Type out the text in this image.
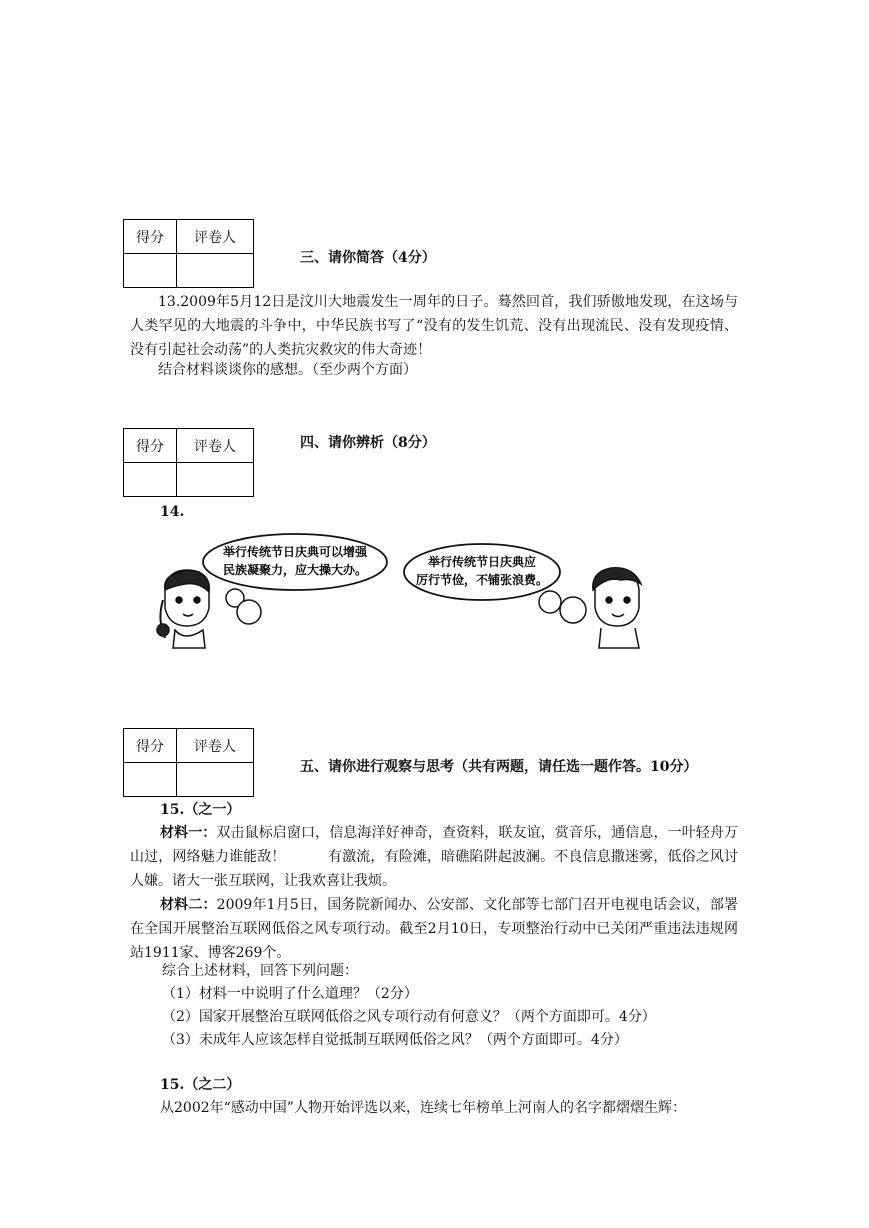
得分	评卷人

三、请你简答（4分）
13.2009年5月12日是汶川大地震发生一周年的日子。蓦然回首，我们骄傲地发现，在这场与人类罕见的大地震的斗争中，中华民族书写了“没有的发生饥荒、没有出现流民、没有发现疫情、没有引起社会动荡”的人类抗灾救灾的伟大奇迹！
结合材料谈谈你的感想。（至少两个方面）
得分	评卷人
		四、请你辨析（8分）
14.
举行传统节日庆典可以增强
民族凝聚力，应大操大办。
举行传统节日庆典应
厉行节俭，不铺张浪费。
得分	评卷人

五、请你进行观察与思考（共有两题，请任选一题作答。10分）
15.（之一）
材料一：双击鼠标启窗口，信息海洋好神奇，查资料，联友谊，赏音乐，通信息，一叶轻舟万山过，网络魅力谁能敌！　　　有激流，有险滩，暗礁陷阱起波澜。不良信息撒迷雾，低俗之风讨人嫌。诸大一张互联网，让我欢喜让我烦。
材料二：2009年1月5日，国务院新闻办、公安部、文化部等七部门召开电视电话会议，部署在全国开展整治互联网低俗之风专项行动。截至2月10日，专项整治行动中已关闭严重违法违规网站1911家、博客269个。
综合上述材料，回答下列问题：
（1）材料一中说明了什么道理？（2分）
（2）国家开展整治互联网低俗之风专项行动有何意义？（两个方面即可。4分）
（3）未成年人应该怎样自觉抵制互联网低俗之风？（两个方面即可。4分）
15.（之二）
从2002年“感动中国”人物开始评选以来，连续七年榜单上河南人的名字都熠熠生辉：
